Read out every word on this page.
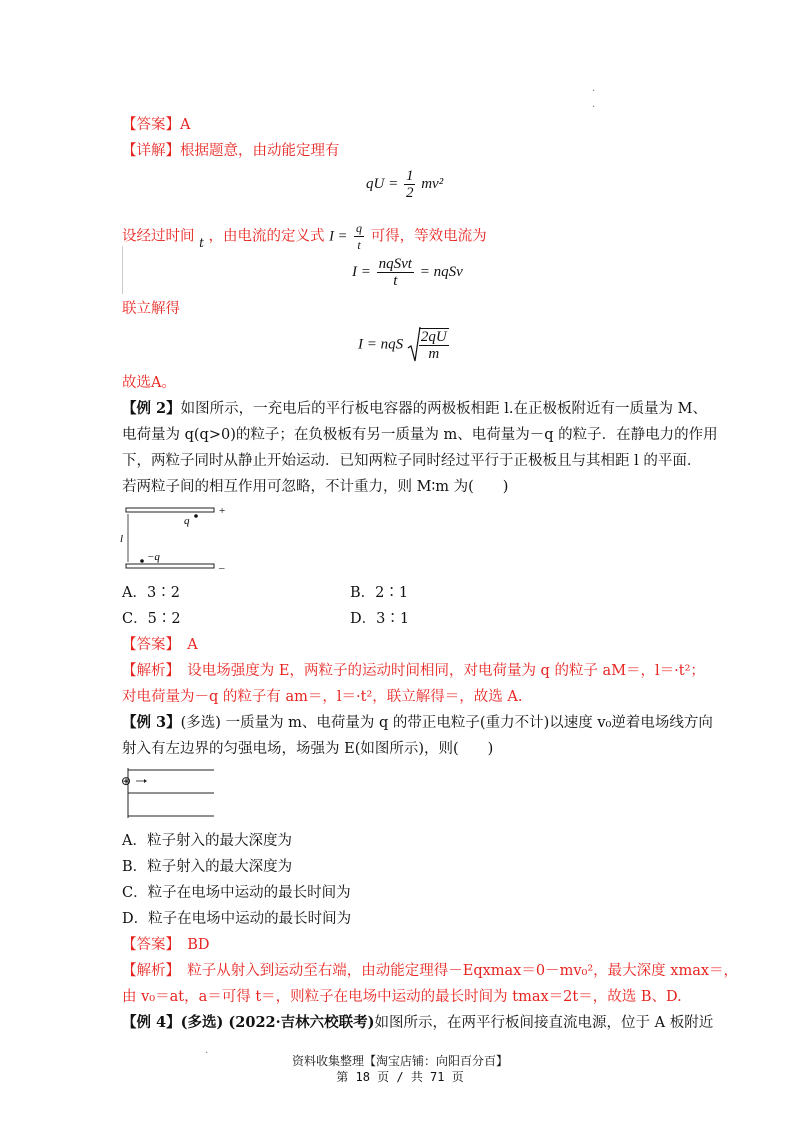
·
·
【答案】A
【详解】根据题意，由动能定理有
qU = $\frac{1}{2} mv^2$
设经过时间 $_t$ ，由电流的定义式 $I = \frac{q}{t}$ 可得，等效电流为
$I = \frac{\text{nqSvt}}{t}$ = nqSv
联立解得
I = nqS $\frac{2qU}{m}$
故选A。
【例 2】如图所示，一充电后的平行板电容器的两极板相距 l.在正极板附近有一质量为 M、
电荷量为 q(q>0)的粒子；在负极板有另一质量为 m、电荷量为－q 的粒子．在静电力的作用
下，两粒子同时从静止开始运动．已知两粒子同时经过平行于正极板且与其相距 l 的平面．
若两粒子间的相互作用可忽略，不计重力，则 M∶m 为(　　)
+
–
q
−q
l
A．3∶2	B．2∶1
C．5∶2	D．3∶1
【答案】　 A
【解析】　 设电场强度为 E，两粒子的运动时间相同，对电荷量为 q 的粒子 aM＝，l＝·t²；
对电荷量为－q 的粒子有 am＝，l＝·t²，联立解得＝，故选 A.
【例 3】(多选) 一质量为 m、电荷量为 q 的带正电粒子(重力不计)以速度 v₀逆着电场线方向
射入有左边界的匀强电场，场强为 E(如图所示)，则(　　)
⊕
A．粒子射入的最大深度为
B．粒子射入的最大深度为
C．粒子在电场中运动的最长时间为
D．粒子在电场中运动的最长时间为
【答案】　 BD
【解析】　 粒子从射入到运动至右端，由动能定理得－Eqxmax＝0－mv₀²，最大深度 xmax＝，
由 v₀＝at，a＝可得 t＝，则粒子在电场中运动的最长时间为 tmax＝2t＝，故选 B、D.
【例 4】(多选) (2022·吉林六校联考)如图所示，在两平行板间接直流电源，位于 A 板附近
·
资料收集整理【淘宝店铺：向阳百分百】
第 18 页 / 共 71 页
